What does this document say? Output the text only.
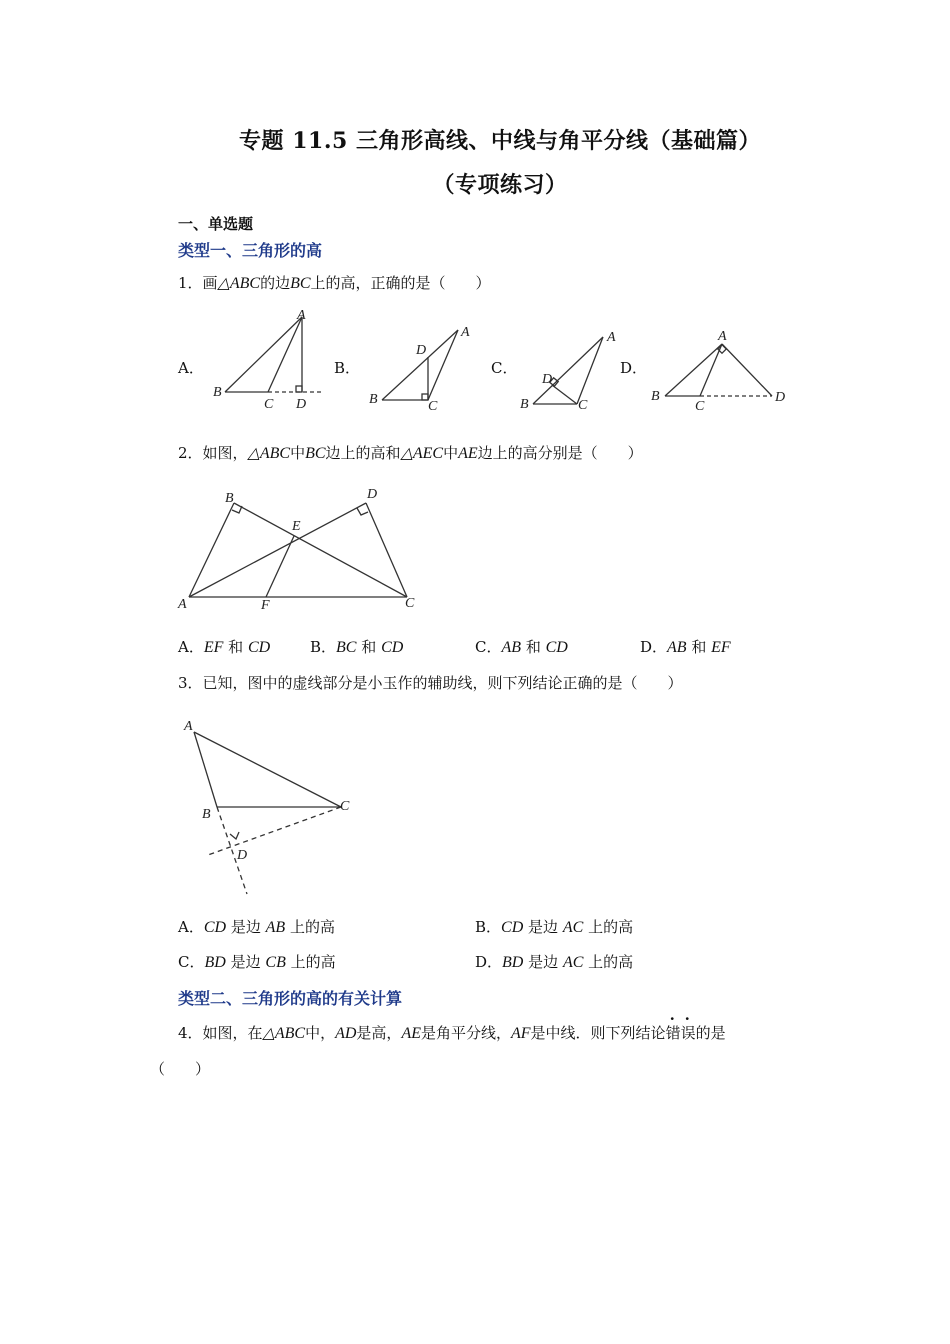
专题 11.5 三角形高线、中线与角平分线（基础篇）
（专项练习）
一、单选题
类型一、三角形的高
1．画△ABC的边BC上的高，正确的是（　　）
A．	B．	C．	D．
A
B
C D
A
B	C
D
A
B	C
D
A
B
C
D
2．如图，△ABC中BC边上的高和△AEC中AE边上的高分别是（　　）
A
B
C
D
E
F
A．EF 和 CD	B．BC 和 CD	C．AB 和 CD	D．AB 和 EF
3．已知，图中的虚线部分是小玉作的辅助线，则下列结论正确的是（　　）
A
B
C
D
A．CD 是边 AB 上的高	B．CD 是边 AC 上的高
C．BD 是边 CB 上的高	D．BD 是边 AC 上的高
类型二、三角形的高的有关计算
4．如图，在△ABC中，AD是高，AE是角平分线，AF是中线．则下列结论错误的是
（　　）
